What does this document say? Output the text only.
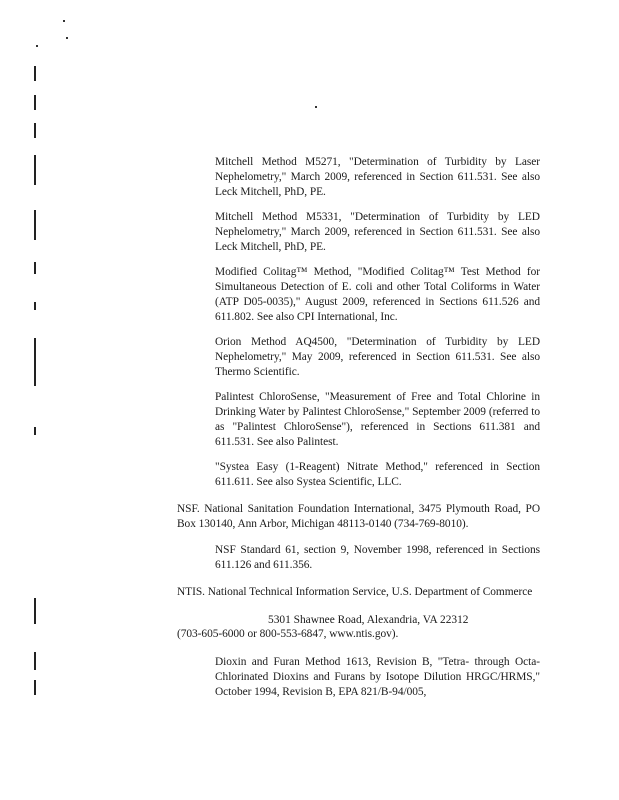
Mitchell Method M5271, "Determination of Turbidity by Laser Nephelometry," March 2009, referenced in Section 611.531. See also Leck Mitchell, PhD, PE.

Mitchell Method M5331, "Determination of Turbidity by LED Nephelometry," March 2009, referenced in Section 611.531. See also Leck Mitchell, PhD, PE.

Modified Colitag™ Method, "Modified Colitag™ Test Method for Simultaneous Detection of E. coli and other Total Coliforms in Water (ATP D05-0035)," August 2009, referenced in Sections 611.526 and 611.802. See also CPI International, Inc.

Orion Method AQ4500, "Determination of Turbidity by LED Nephelometry," May 2009, referenced in Section 611.531. See also Thermo Scientific.

Palintest ChloroSense, "Measurement of Free and Total Chlorine in Drinking Water by Palintest ChloroSense," September 2009 (referred to as "Palintest ChloroSense"), referenced in Sections 611.381 and 611.531. See also Palintest.

"Systea Easy (1-Reagent) Nitrate Method," referenced in Section 611.611. See also Systea Scientific, LLC.

NSF. National Sanitation Foundation International, 3475 Plymouth Road, PO Box 130140, Ann Arbor, Michigan 48113-0140 (734-769-8010).

NSF Standard 61, section 9, November 1998, referenced in Sections 611.126 and 611.356.

NTIS. National Technical Information Service, U.S. Department of Commerce

5301 Shawnee Road, Alexandria, VA 22312

(703-605-6000 or 800-553-6847, www.ntis.gov).

Dioxin and Furan Method 1613, Revision B, "Tetra- through Octa-Chlorinated Dioxins and Furans by Isotope Dilution HRGC/HRMS," October 1994, Revision B, EPA 821/B-94/005,
